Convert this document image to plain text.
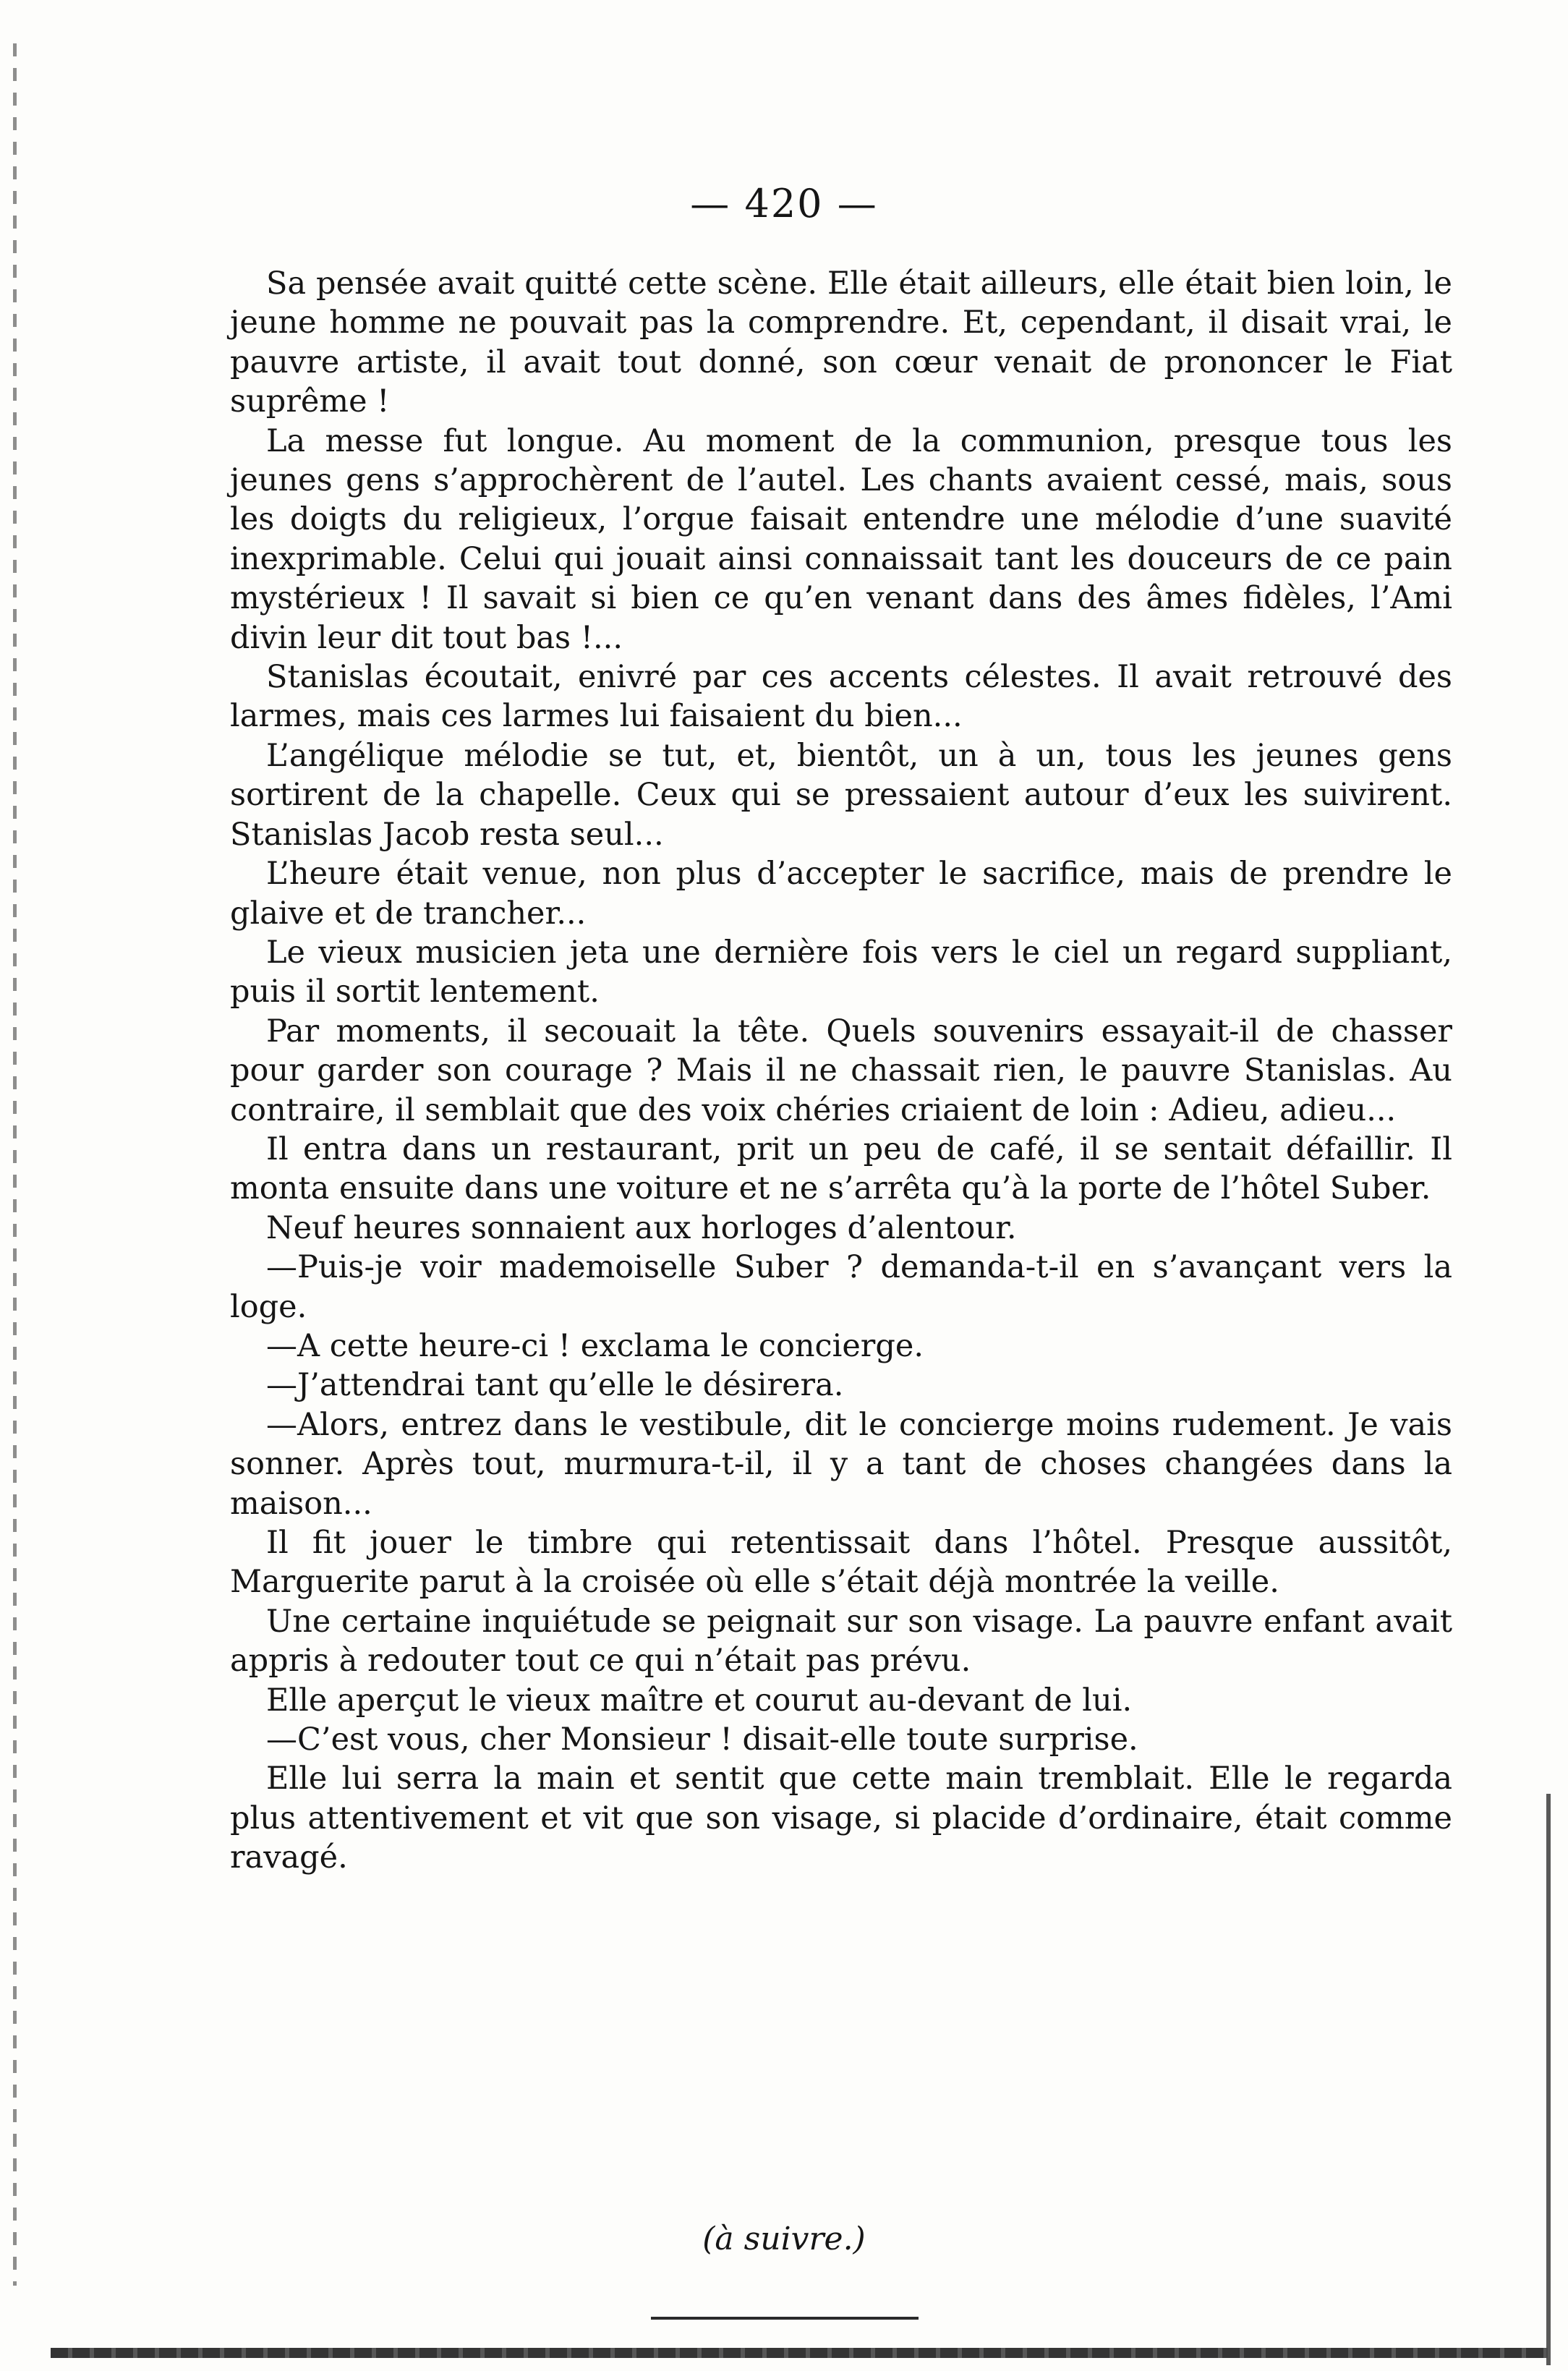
— 420 —

Sa pensée avait quitté cette scène. Elle était ailleurs, elle était bien loin, le jeune homme ne pouvait pas la comprendre. Et, cependant, il disait vrai, le pauvre artiste, il avait tout donné, son cœur venait de prononcer le Fiat suprême !

La messe fut longue. Au moment de la communion, presque tous les jeunes gens s’approchèrent de l’autel. Les chants avaient cessé, mais, sous les doigts du religieux, l’orgue faisait entendre une mélodie d’une suavité inexprimable. Celui qui jouait ainsi connaissait tant les douceurs de ce pain mystérieux ! Il savait si bien ce qu’en venant dans des âmes fidèles, l’Ami divin leur dit tout bas !...

Stanislas écoutait, enivré par ces accents célestes. Il avait retrouvé des larmes, mais ces larmes lui faisaient du bien...

L’angélique mélodie se tut, et, bientôt, un à un, tous les jeunes gens sortirent de la chapelle. Ceux qui se pressaient autour d’eux les suivirent. Stanislas Jacob resta seul...

L’heure était venue, non plus d’accepter le sacrifice, mais de prendre le glaive et de trancher...

Le vieux musicien jeta une dernière fois vers le ciel un regard suppliant, puis il sortit lentement.

Par moments, il secouait la tête. Quels souvenirs essayait-il de chasser pour garder son courage ? Mais il ne chassait rien, le pauvre Stanislas. Au contraire, il semblait que des voix chéries criaient de loin : Adieu, adieu...

Il entra dans un restaurant, prit un peu de café, il se sentait défaillir. Il monta ensuite dans une voiture et ne s’arrêta qu’à la porte de l’hôtel Suber.

Neuf heures sonnaient aux horloges d’alentour.

—Puis-je voir mademoiselle Suber ? demanda-t-il en s’avançant vers la loge.

—A cette heure-ci ! exclama le concierge.

—J’attendrai tant qu’elle le désirera.

—Alors, entrez dans le vestibule, dit le concierge moins rudement. Je vais sonner. Après tout, murmura-t-il, il y a tant de choses changées dans la maison...

Il fit jouer le timbre qui retentissait dans l’hôtel. Presque aussitôt, Marguerite parut à la croisée où elle s’était déjà montrée la veille.

Une certaine inquiétude se peignait sur son visage. La pauvre enfant avait appris à redouter tout ce qui n’était pas prévu.

Elle aperçut le vieux maître et courut au-devant de lui.

—C’est vous, cher Monsieur ! disait-elle toute surprise.

Elle lui serra la main et sentit que cette main tremblait. Elle le regarda plus attentivement et vit que son visage, si placide d’ordinaire, était comme ravagé.

(à suivre.)
